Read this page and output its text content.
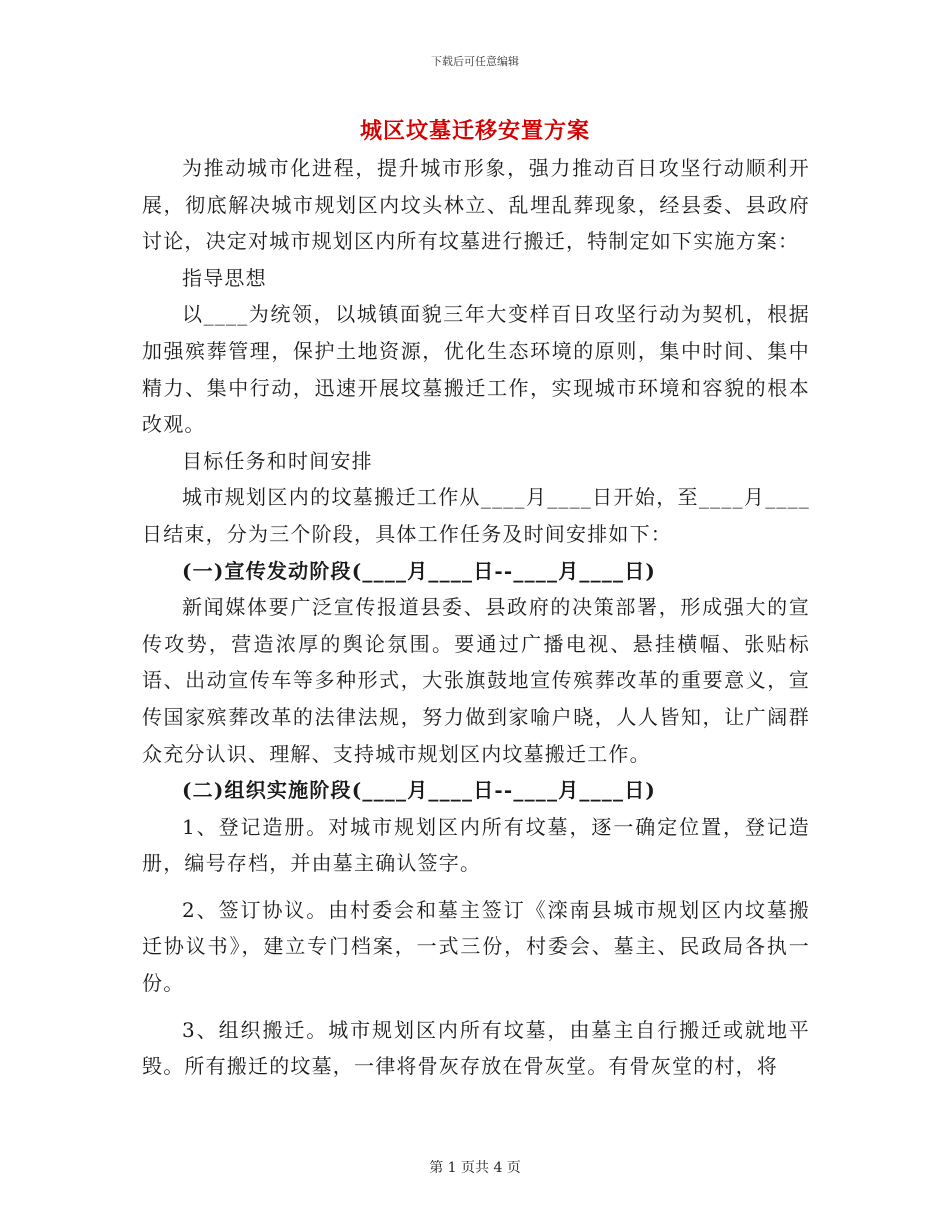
下载后可任意编辑
城区坟墓迁移安置方案

为推动城市化进程，提升城市形象，强力推动百日攻坚行动顺利开展，彻底解决城市规划区内坟头林立、乱埋乱葬现象，经县委、县政府讨论，决定对城市规划区内所有坟墓进行搬迁，特制定如下实施方案：

指导思想

以____为统领，以城镇面貌三年大变样百日攻坚行动为契机，根据加强殡葬管理，保护土地资源，优化生态环境的原则，集中时间、集中精力、集中行动，迅速开展坟墓搬迁工作，实现城市环境和容貌的根本改观。

目标任务和时间安排

城市规划区内的坟墓搬迁工作从____月____日开始，至____月____日结束，分为三个阶段，具体工作任务及时间安排如下：

(一)宣传发动阶段(____月____日--____月____日)

新闻媒体要广泛宣传报道县委、县政府的决策部署，形成强大的宣传攻势，营造浓厚的舆论氛围。要通过广播电视、悬挂横幅、张贴标语、出动宣传车等多种形式，大张旗鼓地宣传殡葬改革的重要意义，宣传国家殡葬改革的法律法规，努力做到家喻户晓，人人皆知，让广阔群众充分认识、理解、支持城市规划区内坟墓搬迁工作。

(二)组织实施阶段(____月____日--____月____日)

1、登记造册。对城市规划区内所有坟墓，逐一确定位置，登记造册，编号存档，并由墓主确认签字。

2、签订协议。由村委会和墓主签订《滦南县城市规划区内坟墓搬迁协议书》，建立专门档案，一式三份，村委会、墓主、民政局各执一份。

3、组织搬迁。城市规划区内所有坟墓，由墓主自行搬迁或就地平毁。所有搬迁的坟墓，一律将骨灰存放在骨灰堂。有骨灰堂的村，将

第 1 页共 4 页
